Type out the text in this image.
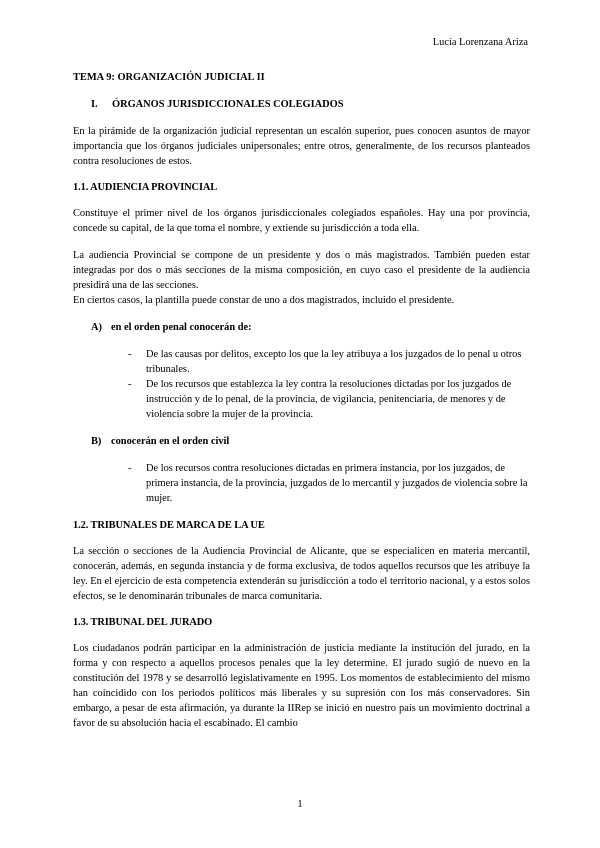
Lucía Lorenzana Ariza

TEMA 9: ORGANIZACIÓN JUDICIAL II

I. ÓRGANOS JURISDICCIONALES COLEGIADOS

En la pirámide de la organización judicial representan un escalón superior, pues conocen asuntos de mayor importancia que los órganos judiciales unipersonales; entre otros, generalmente, de los recursos planteados contra resoluciones de estos.

1.1. AUDIENCIA PROVINCIAL

Constituye el primer nivel de los órganos jurisdiccionales colegiados españoles. Hay una por provincia, concede su capital, de la que toma el nombre, y extiende su jurisdicción a toda ella.

La audiencia Provincial se compone de un presidente y dos o más magistrados. También pueden estar integradas por dos o más secciones de la misma composición, en cuyo caso el presidente de la audiencia presidirá una de las secciones.

En ciertos casos, la plantilla puede constar de uno a dos magistrados, incluido el presidente.

A) en el orden penal conocerán de:

- De las causas por delitos, excepto los que la ley atribuya a los juzgados de lo penal u otros tribunales.
- De los recursos que establezca la ley contra la resoluciones dictadas por los juzgados de instrucción y de lo penal, de la provincia, de vigilancia, penitenciaria, de menores y de violencia sobre la mujer de la provincia.

B) conocerán en el orden civil

- De los recursos contra resoluciones dictadas en primera instancia, por los juzgados, de primera instancia, de la provincia, juzgados de lo mercantil y juzgados de violencia sobre la mujer.

1.2. TRIBUNALES DE MARCA DE LA UE

La sección o secciones de la Audiencia Provincial de Alicante, que se especialicen en materia mercantil, conocerán, además, en segunda instancia y de forma exclusiva, de todos aquellos recursos que les atribuye la ley. En el ejercicio de esta competencia extenderán su jurisdicción a todo el territorio nacional, y a estos solos efectos, se le denominarán tribunales de marca comunitaria.

1.3. TRIBUNAL DEL JURADO

Los ciudadanos podrán participar en la administración de justicia mediante la institución del jurado, en la forma y con respecto a aquellos procesos penales que la ley determine. El jurado sugió de nuevo en la constitución del 1978 y se desarrolló legislativamente en 1995. Los momentos de establecimiento del mismo han coincidido con los periodos políticos más liberales y su supresión con los más conservadores. Sin embargo, a pesar de esta afirmación, ya durante la IIRep se inició en nuestro país un movimiento doctrinal a favor de su absolución hacia el escabinado. El cambio

1
